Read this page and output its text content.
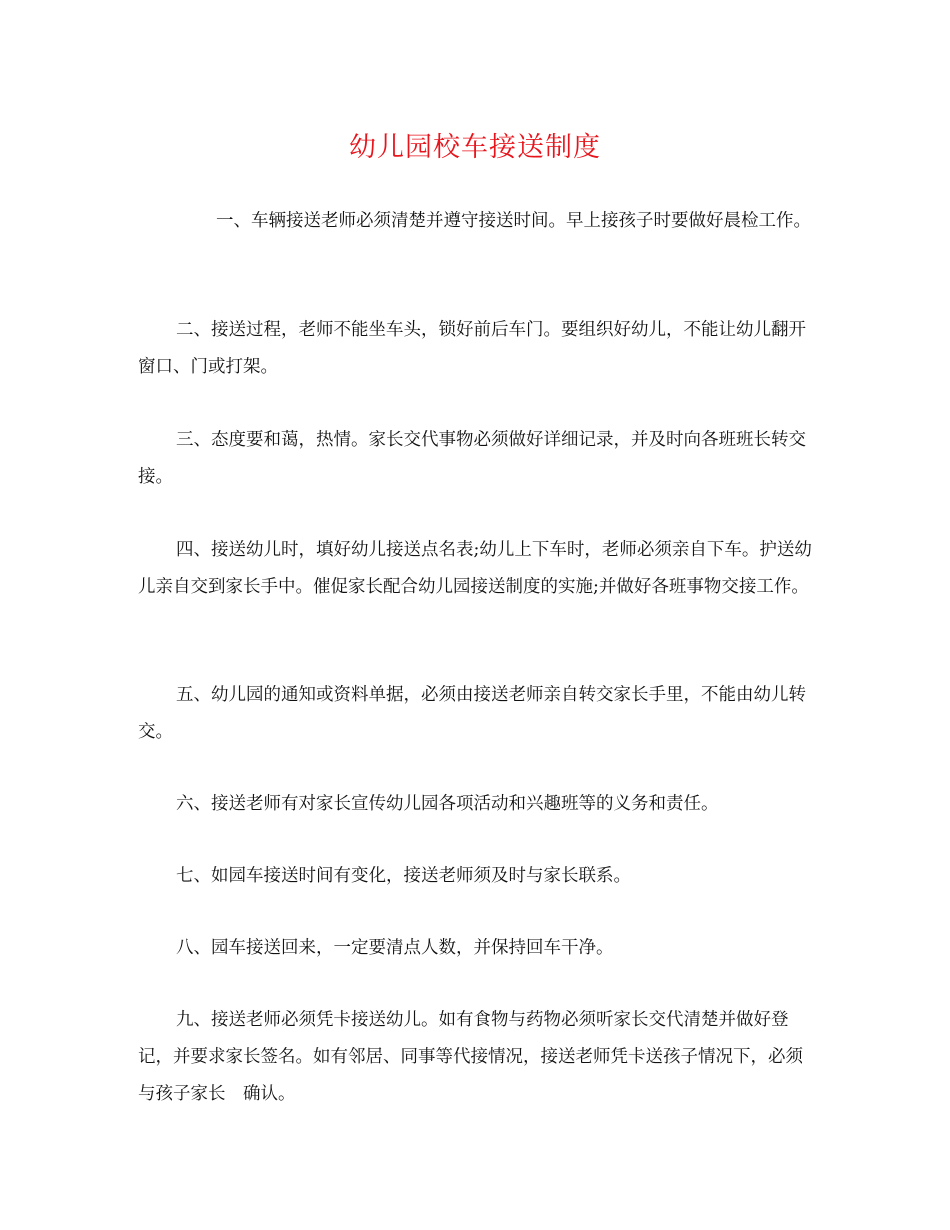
幼儿园校车接送制度

一、车辆接送老师必须清楚并遵守接送时间。早上接孩子时要做好晨检工作。

二、接送过程，老师不能坐车头，锁好前后车门。要组织好幼儿，不能让幼儿翻开窗口、门或打架。

三、态度要和蔼，热情。家长交代事物必须做好详细记录，并及时向各班班长转交接。

四、接送幼儿时，填好幼儿接送点名表;幼儿上下车时，老师必须亲自下车。护送幼儿亲自交到家长手中。催促家长配合幼儿园接送制度的实施;并做好各班事物交接工作。

五、幼儿园的通知或资料单据，必须由接送老师亲自转交家长手里，不能由幼儿转交。

六、接送老师有对家长宣传幼儿园各项活动和兴趣班等的义务和责任。

七、如园车接送时间有变化，接送老师须及时与家长联系。

八、园车接送回来，一定要清点人数，并保持回车干净。

九、接送老师必须凭卡接送幼儿。如有食物与药物必须听家长交代清楚并做好登记，并要求家长签名。如有邻居、同事等代接情况，接送老师凭卡送孩子情况下，必须与孩子家长　确认。
